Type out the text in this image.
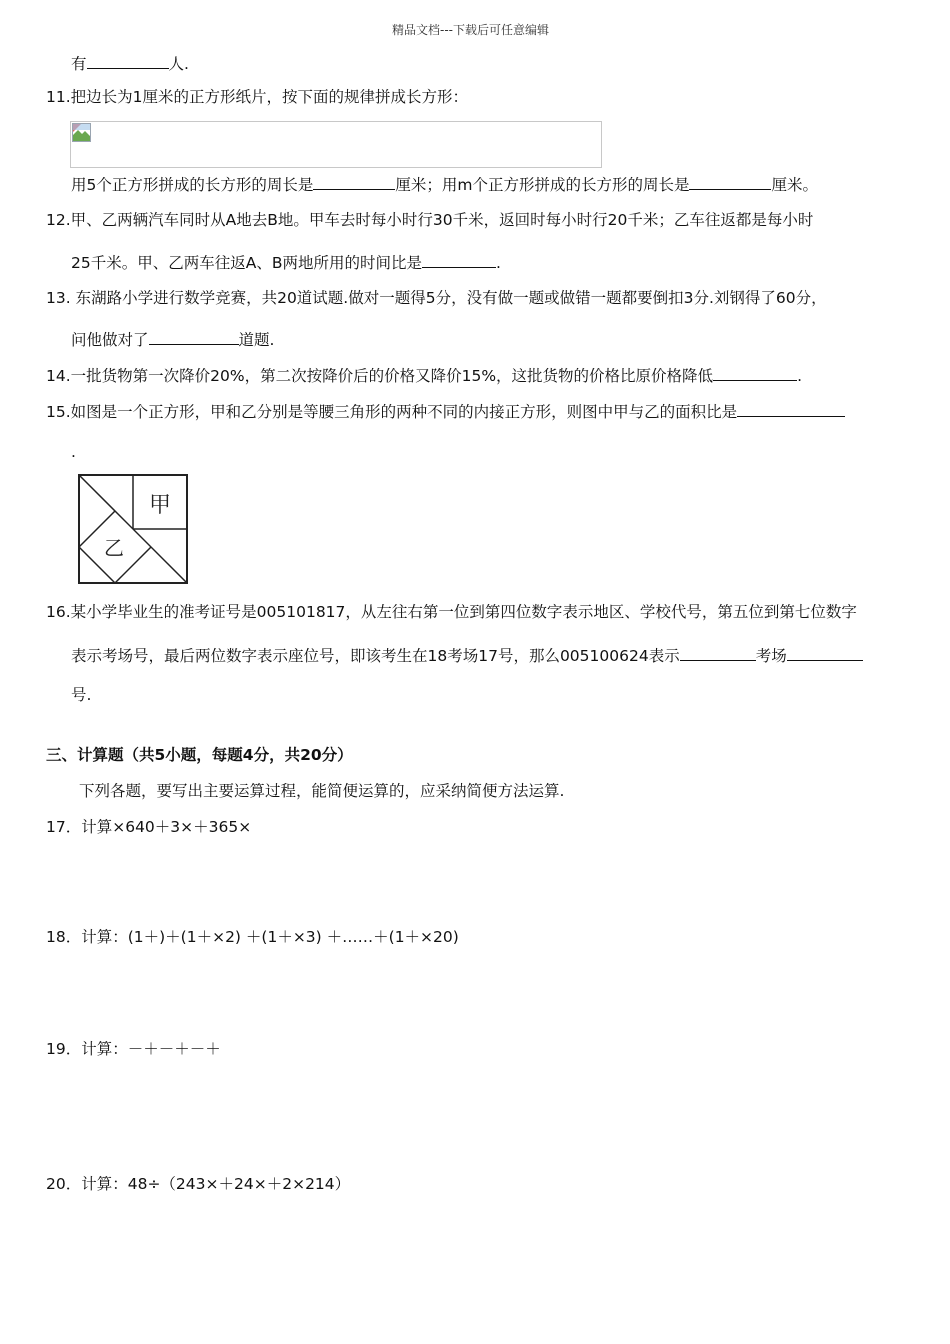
精品文档---下载后可任意编辑
有	人.
11.把边长为1厘米的正方形纸片，按下面的规律拼成长方形：
用5个正方形拼成的长方形的周长是	厘米；用m个正方形拼成的长方形的周长是	厘米。
12.甲、乙两辆汽车同时从A地去B地。甲车去时每小时行30千米，返回时每小时行20千米；乙车往返都是每小时
25千米。甲、乙两车往返A、B两地所用的时间比是	.
13. 东湖路小学进行数学竞赛，共20道试题.做对一题得5分，没有做一题或做错一题都要倒扣3分.刘钢得了60分，
问他做对了	道题.
14.一批货物第一次降价20%，第二次按降价后的价格又降价15%，这批货物的价格比原价格降低	.
15.如图是一个正方形，甲和乙分别是等腰三角形的两种不同的内接正方形，则图中甲与乙的面积比是
.
甲
乙
16.某小学毕业生的准考证号是005101817，从左往右第一位到第四位数字表示地区、学校代号，第五位到第七位数字
表示考场号，最后两位数字表示座位号，即该考生在18考场17号，那么005100624表示	考场
号.
三、计算题（共5小题，每题4分，共20分）
下列各题，要写出主要运算过程，能简便运算的，应采纳简便方法运算.
17．计算×640＋3×＋365×
18．计算：(1＋)＋(1＋×2) ＋(1＋×3) ＋……＋(1＋×20)
19．计算：－＋－＋－＋
20．计算：48÷（243×＋24×＋2×214）
